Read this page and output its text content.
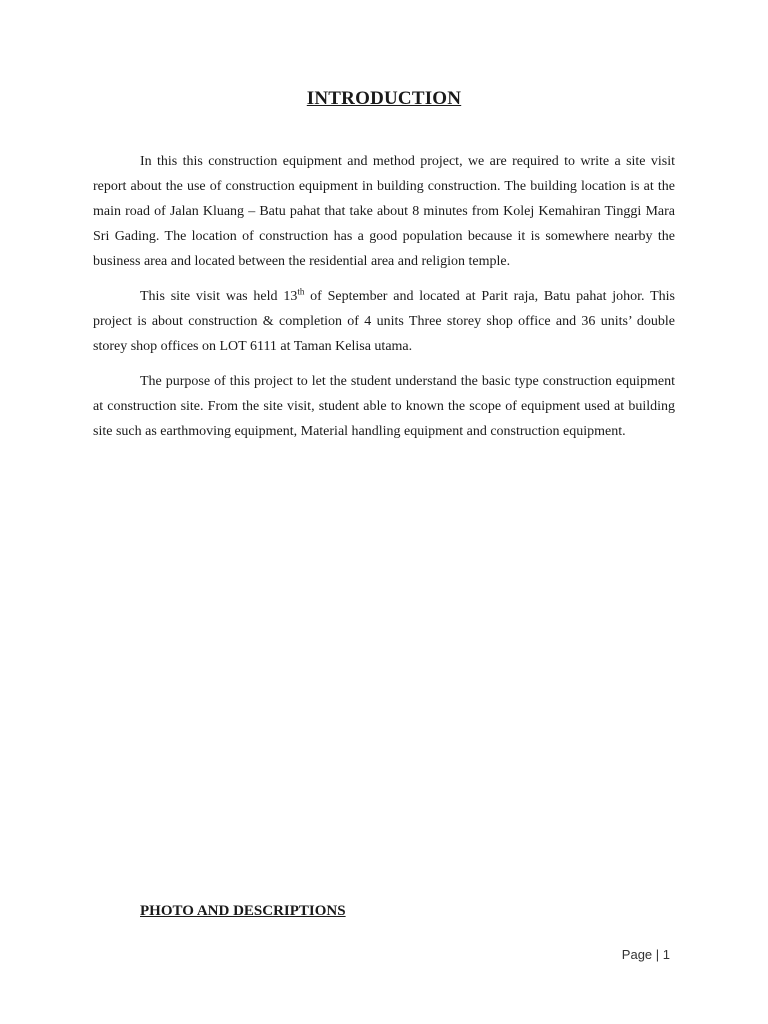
INTRODUCTION

In this this construction equipment and method project, we are required to write a site visit report about the use of construction equipment in building construction. The building location is at the main road of Jalan Kluang – Batu pahat that take about 8 minutes from Kolej Kemahiran Tinggi Mara Sri Gading. The location of construction has a good population because it is somewhere nearby the business area and located between the residential area and religion temple.

This site visit was held 13th of September and located at Parit raja, Batu pahat johor. This project is about construction & completion of 4 units Three storey shop office and 36 units’ double storey shop offices on LOT 6111 at Taman Kelisa utama.

The purpose of this project to let the student understand the basic type construction equipment at construction site. From the site visit, student able to known the scope of equipment used at building site such as earthmoving equipment, Material handling equipment and construction equipment.

PHOTO AND DESCRIPTIONS
Page | 1
